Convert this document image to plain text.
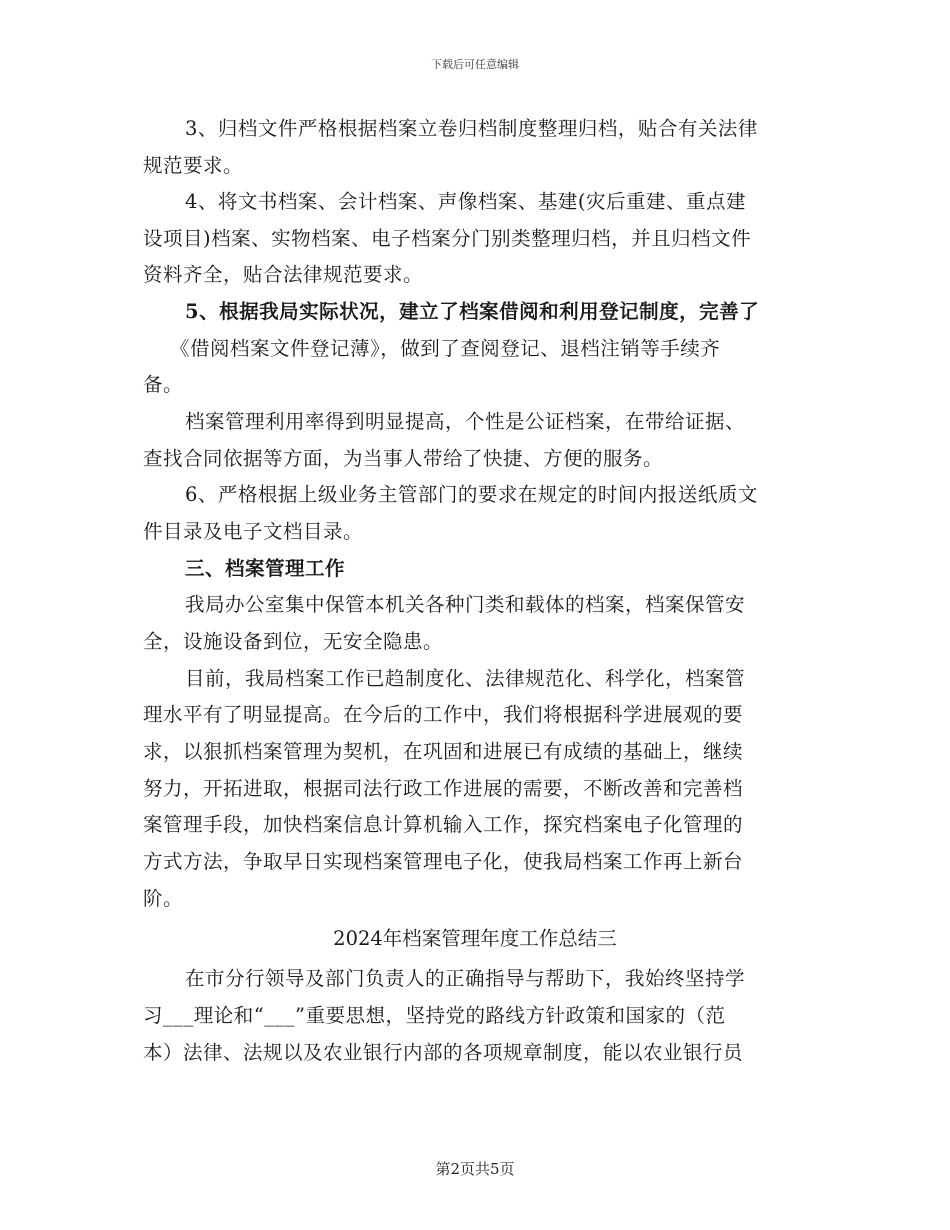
下载后可任意编辑
3、归档文件严格根据档案立卷归档制度整理归档，贴合有关法律
规范要求。
4、将文书档案、会计档案、声像档案、基建(灾后重建、重点建
设项目)档案、实物档案、电子档案分门别类整理归档，并且归档文件
资料齐全，贴合法律规范要求。
5、根据我局实际状况，建立了档案借阅和利用登记制度，完善了
《借阅档案文件登记薄》，做到了查阅登记、退档注销等手续齐
备。
档案管理利用率得到明显提高，个性是公证档案，在带给证据、
查找合同依据等方面，为当事人带给了快捷、方便的服务。
6、严格根据上级业务主管部门的要求在规定的时间内报送纸质文
件目录及电子文档目录。
三、档案管理工作
我局办公室集中保管本机关各种门类和载体的档案，档案保管安
全，设施设备到位，无安全隐患。
目前，我局档案工作已趋制度化、法律规范化、科学化，档案管
理水平有了明显提高。在今后的工作中，我们将根据科学进展观的要
求，以狠抓档案管理为契机，在巩固和进展已有成绩的基础上，继续
努力，开拓进取，根据司法行政工作进展的需要，不断改善和完善档
案管理手段，加快档案信息计算机输入工作，探究档案电子化管理的
方式方法，争取早日实现档案管理电子化，使我局档案工作再上新台
阶。
2024年档案管理年度工作总结三
在市分行领导及部门负责人的正确指导与帮助下，我始终坚持学
习___理论和“___”重要思想，坚持党的路线方针政策和国家的（范
本）法律、法规以及农业银行内部的各项规章制度，能以农业银行员
第2页共5页
